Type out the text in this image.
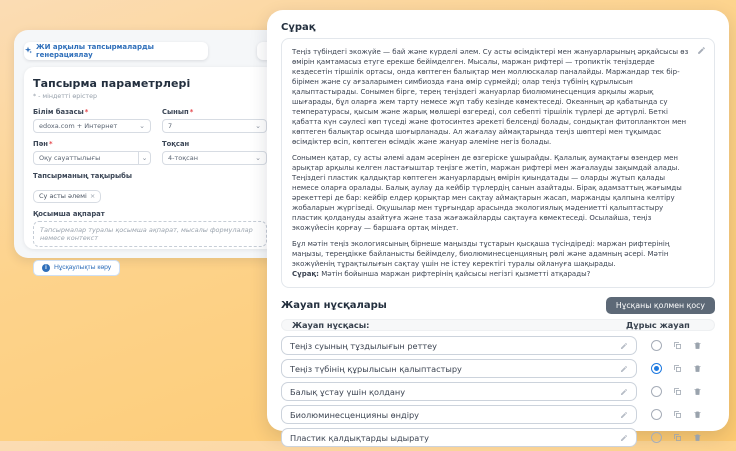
ЖИ арқылы тапсырмаларды генерациялау
Тапсырма параметрлері
* - міндетті өрістер
Білім базасы*
edoxa.com + Интернет	⌄
Сынып*
7	⌄
Пән*
Оқу сауаттылығы	⌄
Тоқсан
4-тоқсан	⌄
Тапсырманың тақырыбы
Су асты әлемі ×
Қосымша ақпарат
Тапсырмалар туралы қосымша ақпарат, мысалы формулалар немесе контекст
i	Нұсқаулықты көру
Сұрақ

Теңіз түбіндегі экожүйе — бай және күрделі әлем. Су асты өсімдіктері мен жануарларының әрқайсысы өз өмірін қамтамасыз етуге ерекше бейімделген. Мысалы, маржан рифтері — тропиктік теңіздерде кездесетін тіршілік ортасы, онда көптеген балықтар мен моллюскалар паналайды. Маржандар тек бір-бірімен және су ағзаларымен симбиозда ғана өмір сүрмейді; олар теңіз түбінің құрылысын қалыптастырады. Сонымен бірге, терең теңіздегі жануарлар биолюминесценция арқылы жарық шығарады, бұл оларға жем тарту немесе жұп табу кезінде көмектеседі. Океанның әр қабатында су температурасы, қысым және жарық мөлшері өзгереді, сол себепті тіршілік түрлері де әртүрлі. Беткі қабатта күн сәулесі көп түседі және фотосинтез әрекеті белсенді болады, сондықтан фитопланктон мен көптеген балықтар осында шоғырланады. Ал жағалау аймақтарында теңіз шөптері мен тұқымдас өсімдіктер өсіп, көптеген өсімдік және жануар әлеміне негіз болады.

Сонымен қатар, су асты әлемі адам әсерінен де өзгеріске ұшырайды. Қалалық аумақтағы өзендер мен арықтар арқылы келген ластағыштар теңізге жетіп, маржан рифтері мен жағалауды зақымдай алады. Теңіздегі пластик қалдықтар көптеген жануарлардың өмірін қиындатады — оларды жұтып қалады немесе оларға оралады. Балық аулау да кейбір түрлердің санын азайтады. Бірақ адамзаттың жағымды әрекеттері де бар: кейбір елдер қорықтар мен сақтау аймақтарын жасап, маржанды қалпына келтіру жобаларын жүргізеді. Оқушылар мен тұрғындар арасында экологиялық мәдениетті қалыптастыру пластик қолдануды азайтуға және таза жағажайларды сақтауға көмектеседі. Осылайша, теңіз экожүйесін қорғау — баршаға ортақ міндет.

Бұл мәтін теңіз экологиясының бірнеше маңызды тұстарын қысқаша түсіндіреді: маржан рифтерінің маңызы, тереңдікке байланысты бейімделу, биолюминесценцияның рөлі және адамның әсері. Мәтін экожүйенің тұрақтылығын сақтау үшін не істеу керектігі туралы ойлануға шақырады.

Сұрақ: Мәтін бойынша маржан рифтерінің қайсысы негізгі қызметті атқарады?

Жауап нұсқалары	Нұсқаны қолмен қосу
Жауап нұсқасы:	Дұрыс жауап
Теңіз суының тұздылығын реттеу
Теңіз түбінің құрылысын қалыптастыру
Балық ұстау үшін қолдану
Биолюминесценцияны өндіру
Пластик қалдықтарды ыдырату
